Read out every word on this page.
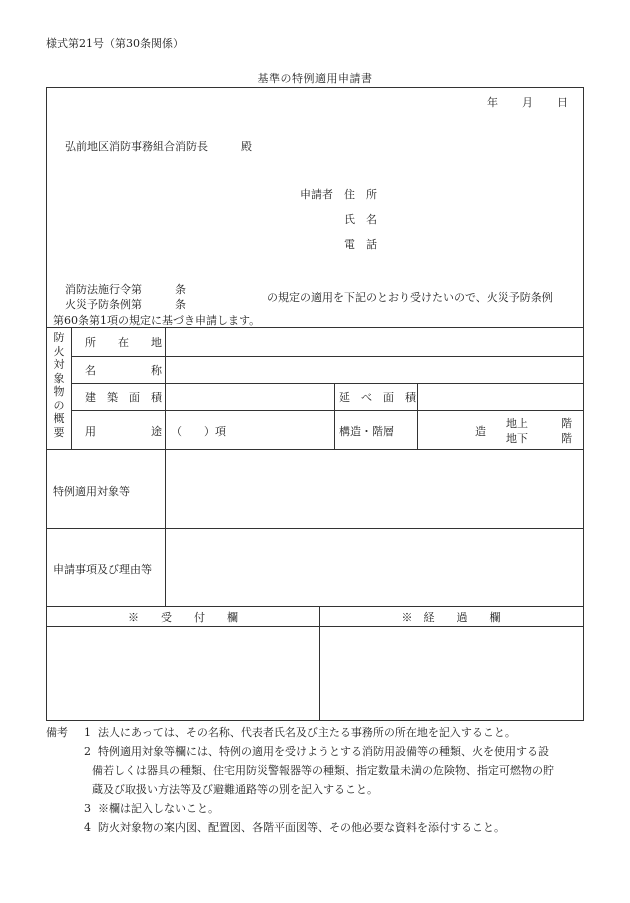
様式第21号（第30条関係）
基準の特例適用申請書
年 月 日
弘前地区消防事務組合消防長	殿
申請者 住　所
氏　名
電　話
消防法施行令第　　　条
火災予防条例第　　　条
の規定の適用を下記のとおり受けたいので、火災予防条例
第60条第1項の規定に基づき申請します。
防火対象物の概要
所　　在　　地
名　　　　　称
建　築　面　積	延　べ　面　積
用　　　　　途 （　　）項	構造・階層	造
地上　　　階
地下　　　階
特例適用対象等
申請事項及び理由等
※　　受　　付　　欄	※　経　　過　　欄
備考 1 法人にあっては、その名称、代表者氏名及び主たる事務所の所在地を記入すること。
2 特例適用対象等欄には、特例の適用を受けようとする消防用設備等の種類、火を使用する設
備若しくは器具の種類、住宅用防災警報器等の種類、指定数量未満の危険物、指定可燃物の貯
蔵及び取扱い方法等及び避難通路等の別を記入すること。
3 ※欄は記入しないこと。
4 防火対象物の案内図、配置図、各階平面図等、その他必要な資料を添付すること。
